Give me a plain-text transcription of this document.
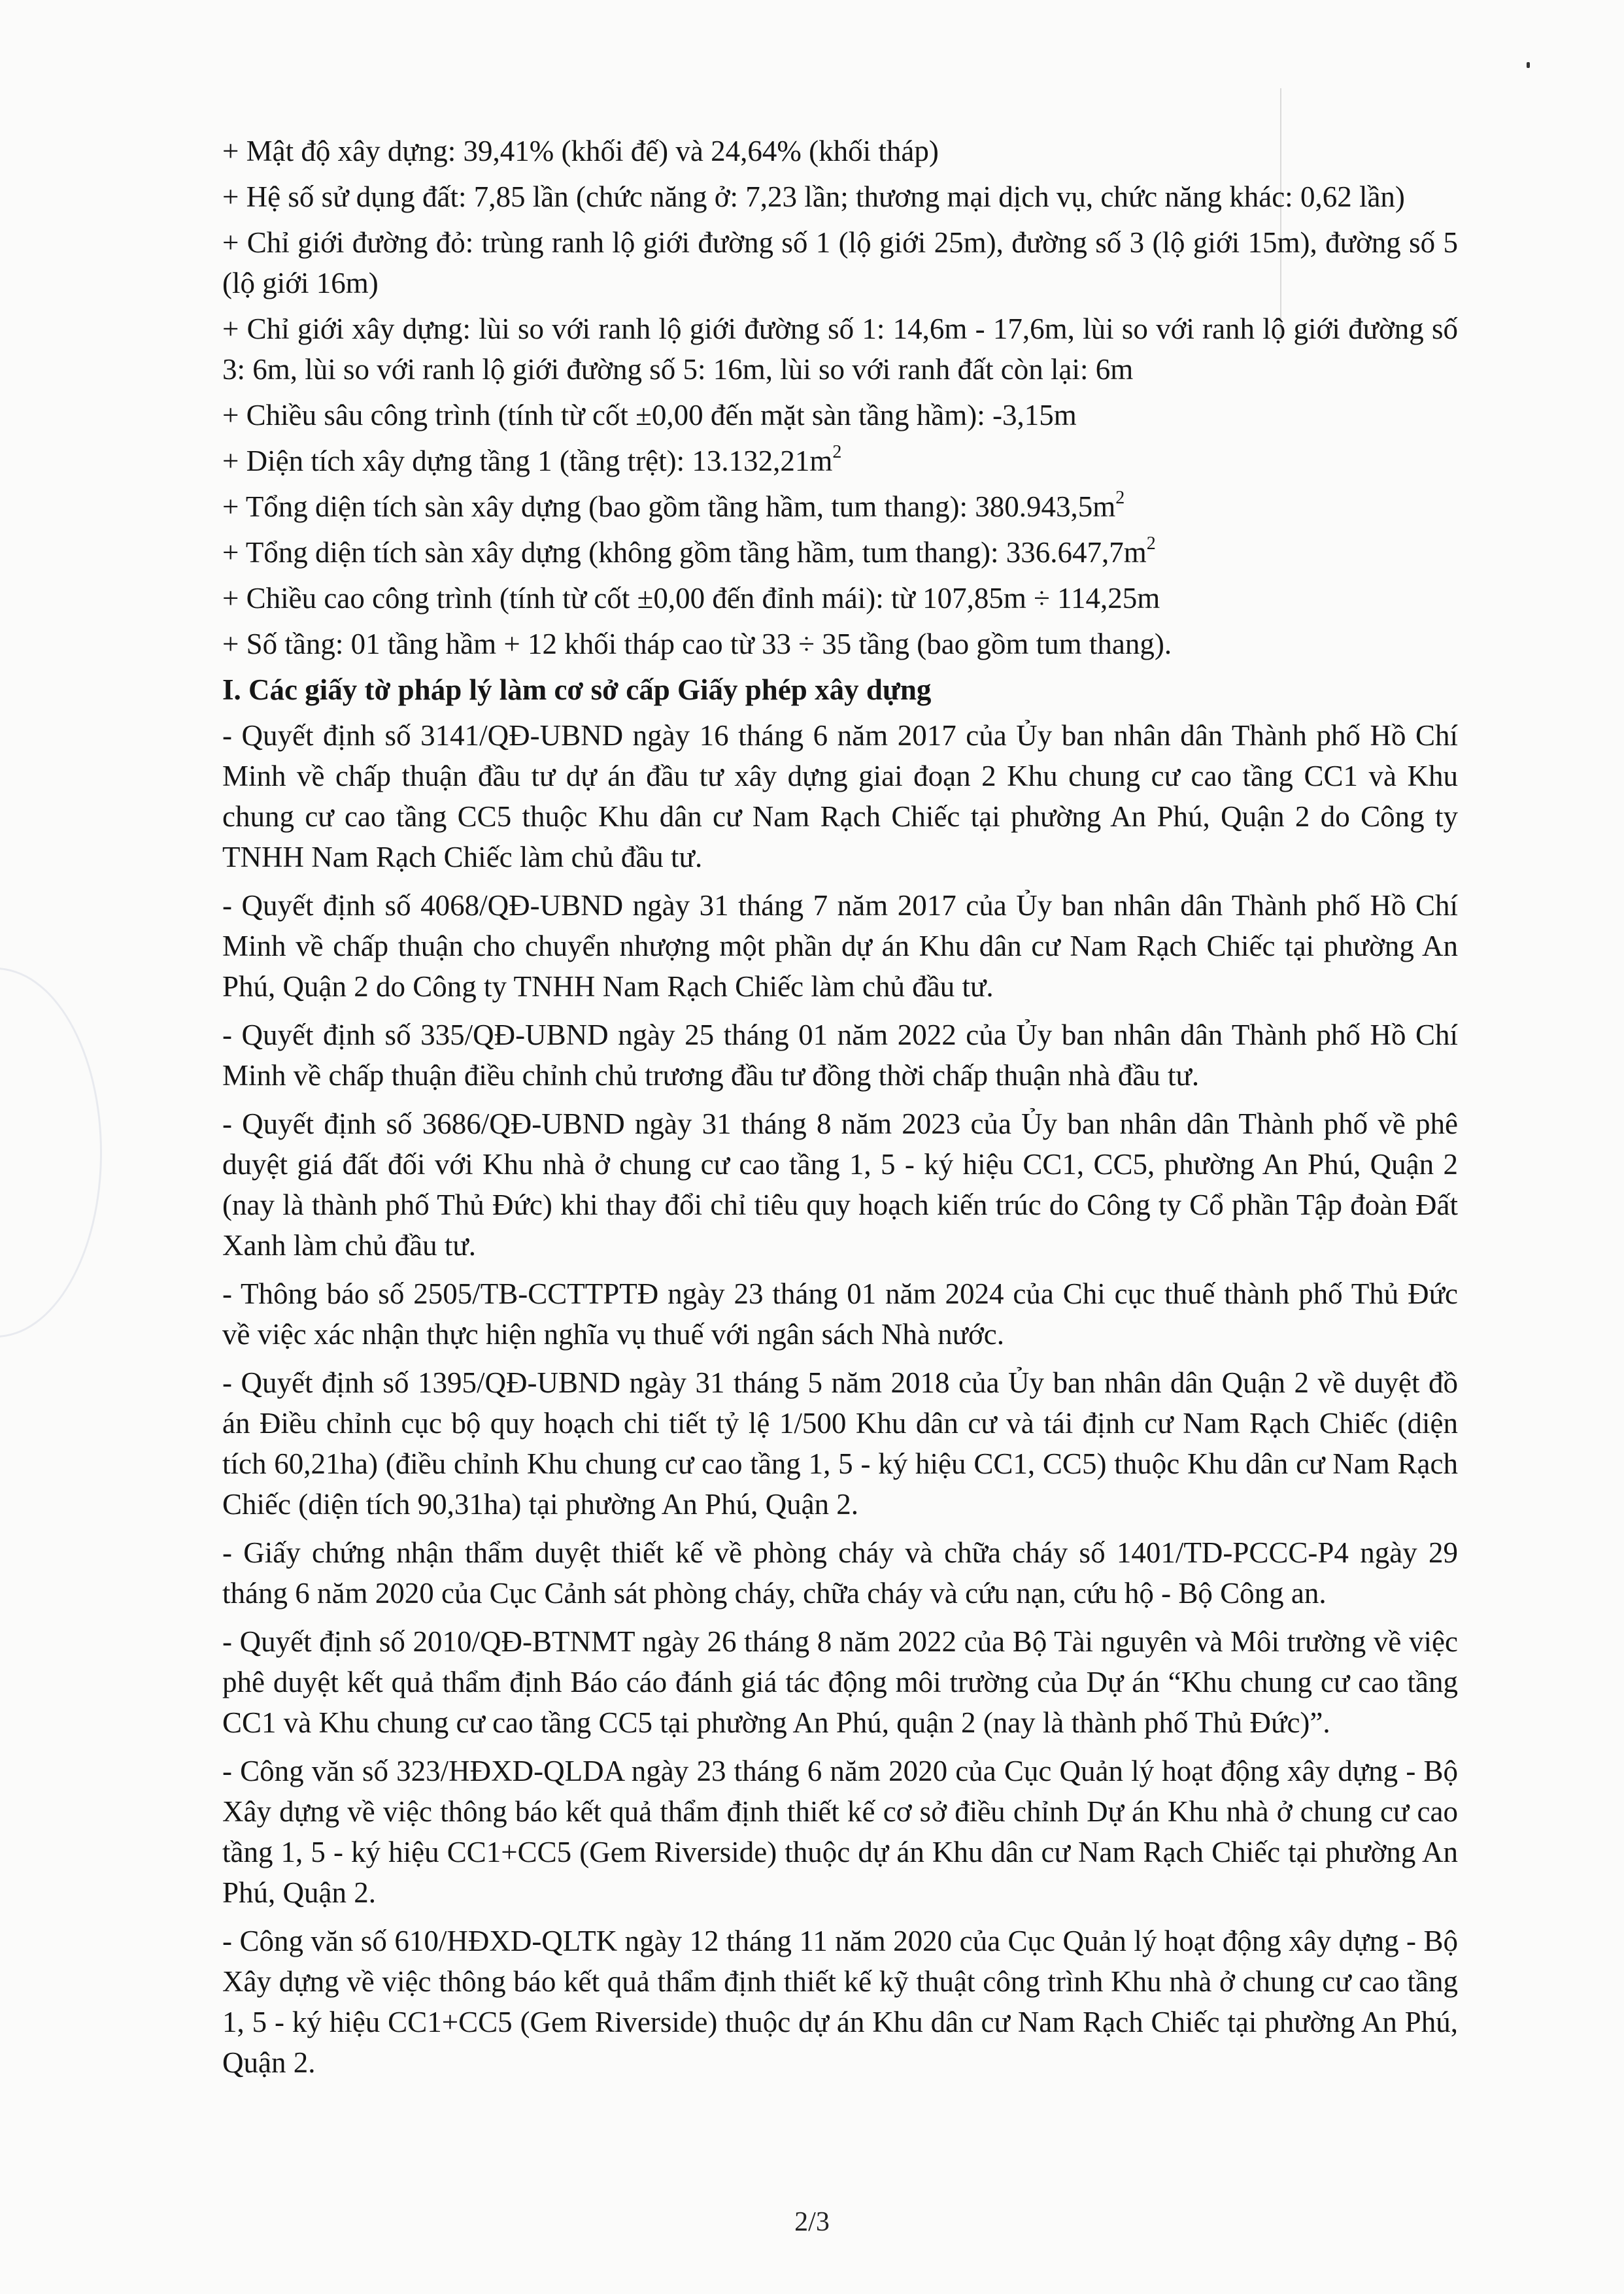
+ Mật độ xây dựng: 39,41% (khối đế) và 24,64% (khối tháp)
+ Hệ số sử dụng đất: 7,85 lần (chức năng ở: 7,23 lần; thương mại dịch vụ, chức năng khác: 0,62 lần)
+ Chỉ giới đường đỏ: trùng ranh lộ giới đường số 1 (lộ giới 25m), đường số 3 (lộ giới 15m), đường số 5 (lộ giới 16m)
+ Chỉ giới xây dựng: lùi so với ranh lộ giới đường số 1: 14,6m - 17,6m, lùi so với ranh lộ giới đường số 3: 6m, lùi so với ranh lộ giới đường số 5: 16m, lùi so với ranh đất còn lại: 6m
+ Chiều sâu công trình (tính từ cốt ±0,00 đến mặt sàn tầng hầm): -3,15m
+ Diện tích xây dựng tầng 1 (tầng trệt): $13.132,21m^2$
+ Tổng diện tích sàn xây dựng (bao gồm tầng hầm, tum thang): $380.943,5m^2$
+ Tổng diện tích sàn xây dựng (không gồm tầng hầm, tum thang): $336.647,7m^2$
+ Chiều cao công trình (tính từ cốt ±0,00 đến đỉnh mái): từ 107,85m ÷ 114,25m
+ Số tầng: 01 tầng hầm + 12 khối tháp cao từ 33 ÷ 35 tầng (bao gồm tum thang).
I. Các giấy tờ pháp lý làm cơ sở cấp Giấy phép xây dựng
- Quyết định số 3141/QĐ-UBND ngày 16 tháng 6 năm 2017 của Ủy ban nhân dân Thành phố Hồ Chí Minh về chấp thuận đầu tư dự án đầu tư xây dựng giai đoạn 2 Khu chung cư cao tầng CC1 và Khu chung cư cao tầng CC5 thuộc Khu dân cư Nam Rạch Chiếc tại phường An Phú, Quận 2 do Công ty TNHH Nam Rạch Chiếc làm chủ đầu tư.
- Quyết định số 4068/QĐ-UBND ngày 31 tháng 7 năm 2017 của Ủy ban nhân dân Thành phố Hồ Chí Minh về chấp thuận cho chuyển nhượng một phần dự án Khu dân cư Nam Rạch Chiếc tại phường An Phú, Quận 2 do Công ty TNHH Nam Rạch Chiếc làm chủ đầu tư.
- Quyết định số 335/QĐ-UBND ngày 25 tháng 01 năm 2022 của Ủy ban nhân dân Thành phố Hồ Chí Minh về chấp thuận điều chỉnh chủ trương đầu tư đồng thời chấp thuận nhà đầu tư.
- Quyết định số 3686/QĐ-UBND ngày 31 tháng 8 năm 2023 của Ủy ban nhân dân Thành phố về phê duyệt giá đất đối với Khu nhà ở chung cư cao tầng 1, 5 - ký hiệu CC1, CC5, phường An Phú, Quận 2 (nay là thành phố Thủ Đức) khi thay đổi chỉ tiêu quy hoạch kiến trúc do Công ty Cổ phần Tập đoàn Đất Xanh làm chủ đầu tư.
- Thông báo số 2505/TB-CCTTPTĐ ngày 23 tháng 01 năm 2024 của Chi cục thuế thành phố Thủ Đức về việc xác nhận thực hiện nghĩa vụ thuế với ngân sách Nhà nước.
- Quyết định số 1395/QĐ-UBND ngày 31 tháng 5 năm 2018 của Ủy ban nhân dân Quận 2 về duyệt đồ án Điều chỉnh cục bộ quy hoạch chi tiết tỷ lệ 1/500 Khu dân cư và tái định cư Nam Rạch Chiếc (diện tích 60,21ha) (điều chỉnh Khu chung cư cao tầng 1, 5 - ký hiệu CC1, CC5) thuộc Khu dân cư Nam Rạch Chiếc (diện tích 90,31ha) tại phường An Phú, Quận 2.
- Giấy chứng nhận thẩm duyệt thiết kế về phòng cháy và chữa cháy số 1401/TD-PCCC-P4 ngày 29 tháng 6 năm 2020 của Cục Cảnh sát phòng cháy, chữa cháy và cứu nạn, cứu hộ - Bộ Công an.
- Quyết định số 2010/QĐ-BTNMT ngày 26 tháng 8 năm 2022 của Bộ Tài nguyên và Môi trường về việc phê duyệt kết quả thẩm định Báo cáo đánh giá tác động môi trường của Dự án “Khu chung cư cao tầng CC1 và Khu chung cư cao tầng CC5 tại phường An Phú, quận 2 (nay là thành phố Thủ Đức)”.
- Công văn số 323/HĐXD-QLDA ngày 23 tháng 6 năm 2020 của Cục Quản lý hoạt động xây dựng - Bộ Xây dựng về việc thông báo kết quả thẩm định thiết kế cơ sở điều chỉnh Dự án Khu nhà ở chung cư cao tầng 1, 5 - ký hiệu CC1+CC5 (Gem Riverside) thuộc dự án Khu dân cư Nam Rạch Chiếc tại phường An Phú, Quận 2.
- Công văn số 610/HĐXD-QLTK ngày 12 tháng 11 năm 2020 của Cục Quản lý hoạt động xây dựng - Bộ Xây dựng về việc thông báo kết quả thẩm định thiết kế kỹ thuật công trình Khu nhà ở chung cư cao tầng 1, 5 - ký hiệu CC1+CC5 (Gem Riverside) thuộc dự án Khu dân cư Nam Rạch Chiếc tại phường An Phú, Quận 2.
2/3
